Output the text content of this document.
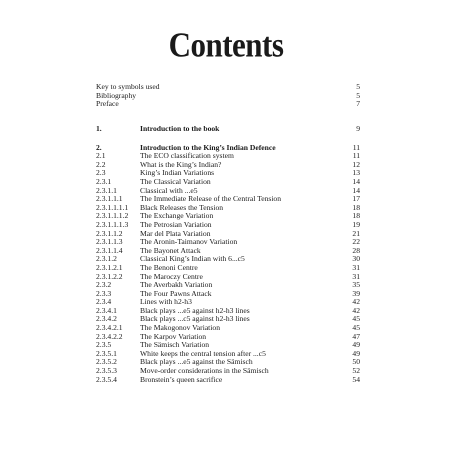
Contents
Key to symbols used	5
Bibliography	5
Preface	7
1.	Introduction to the book	9
2.	Introduction to the King’s Indian Defence	11
2.1	The ECO classification system	11
2.2	What is the King’s Indian?	12
2.3	King’s Indian Variations	13
2.3.1	The Classical Variation	14
2.3.1.1	Classical with ...e5	14
2.3.1.1.1 The Immediate Release of the Central Tension	17
2.3.1.1.1.1 Black Releases the Tension	18
2.3.1.1.1.2 The Exchange Variation	18
2.3.1.1.1.3 The Petrosian Variation	19
2.3.1.1.2 Mar del Plata Variation	21
2.3.1.1.3 The Aronin-Taimanov Variation	22
2.3.1.1.4 The Bayonet Attack	28
2.3.1.2	Classical King’s Indian with 6...c5	30
2.3.1.2.1 The Benoni Centre	31
2.3.1.2.2 The Maroczy Centre	31
2.3.2	The Averbakh Variation	35
2.3.3	The Four Pawns Attack	39
2.3.4	Lines with h2-h3	42
2.3.4.1	Black plays ...e5 against h2-h3 lines	42
2.3.4.2	Black plays ...c5 against h2-h3 lines	45
2.3.4.2.1 The Makogonov Variation	45
2.3.4.2.2 The Karpov Variation	47
2.3.5	The Sämisch Variation	49
2.3.5.1	White keeps the central tension after ...c5	49
2.3.5.2	Black plays ...e5 against the Sämisch	50
2.3.5.3	Move-order considerations in the Sämisch	52
2.3.5.4	Bronstein’s queen sacrifice	54
